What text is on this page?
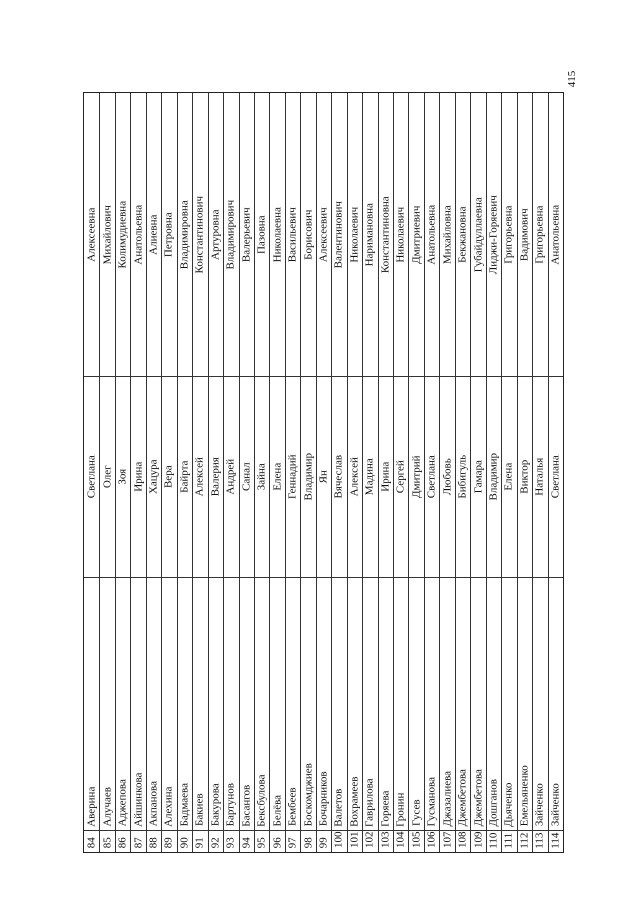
415
84
Аверина
Светлана
Алексеевна
85
Алучаев
Олег
Михайлович
86
Аджепова
Зоя
Колимудиевна
87
Айшинкова
Ирина
Анатольевна
88
Акпанова
Хацура
Алиевна
89
Алехина
Вера
Петровна
90
Бадмаева
Байрта
Владимировна
91
Бакиев
Алексей
Константинович
92
Бакурова
Валерия
Артуровна
93
Бартунов
Андрей
Владимирович
94
Басангов
Санал
Валерьевич
95
Бексбулова
Зайна
Пазовна
96
Белёва
Елена
Николаевна
97
Бембеев
Геннадий
Васильевич
98
Боскомджиев
Владимир
Борисович
99
Бочарников
Ян
Алексеевич
100
Валетов
Вячеслав
Валентинович
101
Вохрамеев
Алексей
Николаевич
102
Гаврилова
Мадина
Наримановна
103
Горяева
Ирина
Константиновна
104
Гронин
Сергей
Николаевич
105
Гусев
Дмитрий
Дмитриевич
106
Гусманова
Светлана
Анатольевна
107
Джазалиева
Любовь
Михайловна
108
Джембетова
Бибигуль
Бекжановна
109
Джембетова
Гамара
Губайдуллаевна
110
Дошганов
Владимир
Лиджи-Горяевич
111
Дьяченко
Елена
Григорьевна
112
Емельяненко
Виктор
Вадимович
113
Зайченко
Наталья
Григорьевна
114
Зайченко
Светлана
Анатольевна
